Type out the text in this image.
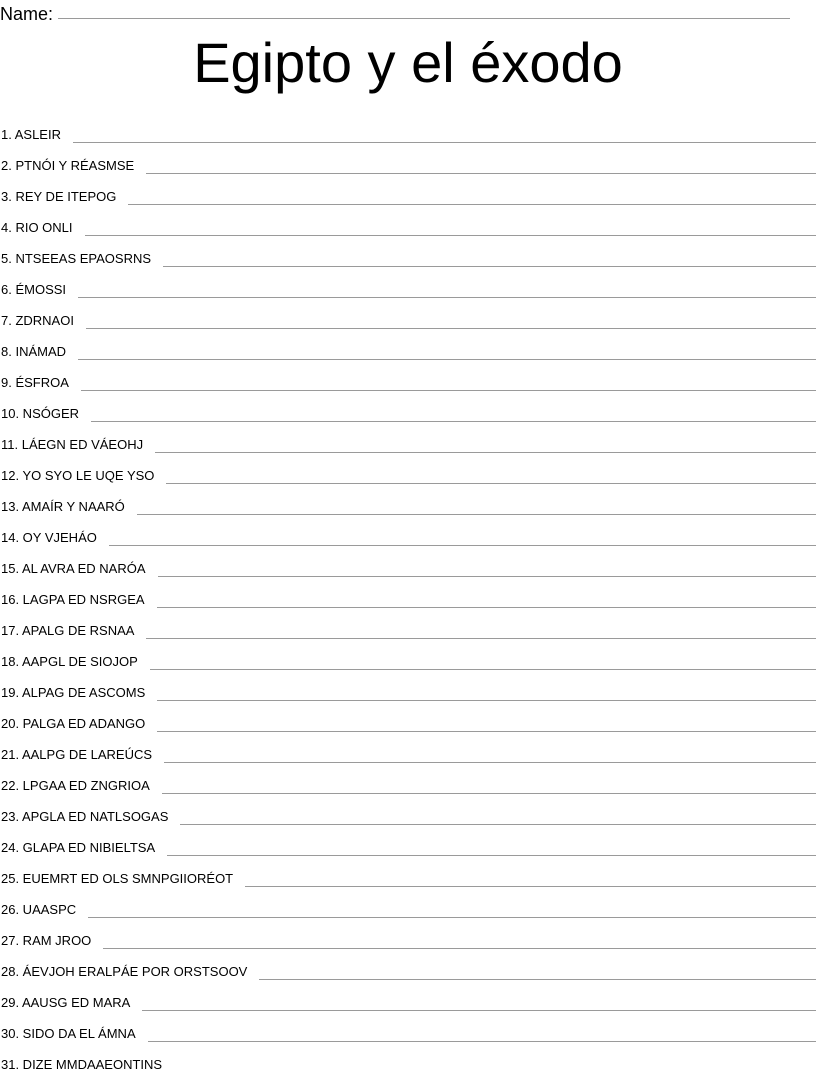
Name:
Egipto y el éxodo
1. ASLEIR
2. PTNÓI Y RÉASMSE
3. REY DE ITEPOG
4. RIO ONLI
5. NTSEEAS EPAOSRNS
6. ÉMOSSI
7. ZDRNAOI
8. INÁMAD
9. ÉSFROA
10. NSÓGER
11. LÁEGN ED VÁEOHJ
12. YO SYO LE UQE YSO
13. AMAÍR Y NAARÓ
14. OY VJEHÁO
15. AL AVRA ED NARÓA
16. LAGPA ED NSRGEA
17. APALG DE RSNAA
18. AAPGL DE SIOJOP
19. ALPAG DE ASCOMS
20. PALGA ED ADANGO
21. AALPG DE LAREÚCS
22. LPGAA ED ZNGRIOA
23. APGLA ED NATLSOGAS
24. GLAPA ED NIBIELTSA
25. EUEMRT ED OLS SMNPGIIORÉOT
26. UAASPC
27. RAM JROO
28. ÁEVJOH ERALPÁE POR ORSTSOOV
29. AAUSG ED MARA
30. SIDO DA EL ÁMNA
31. DIZE MMDAAEONTINS
